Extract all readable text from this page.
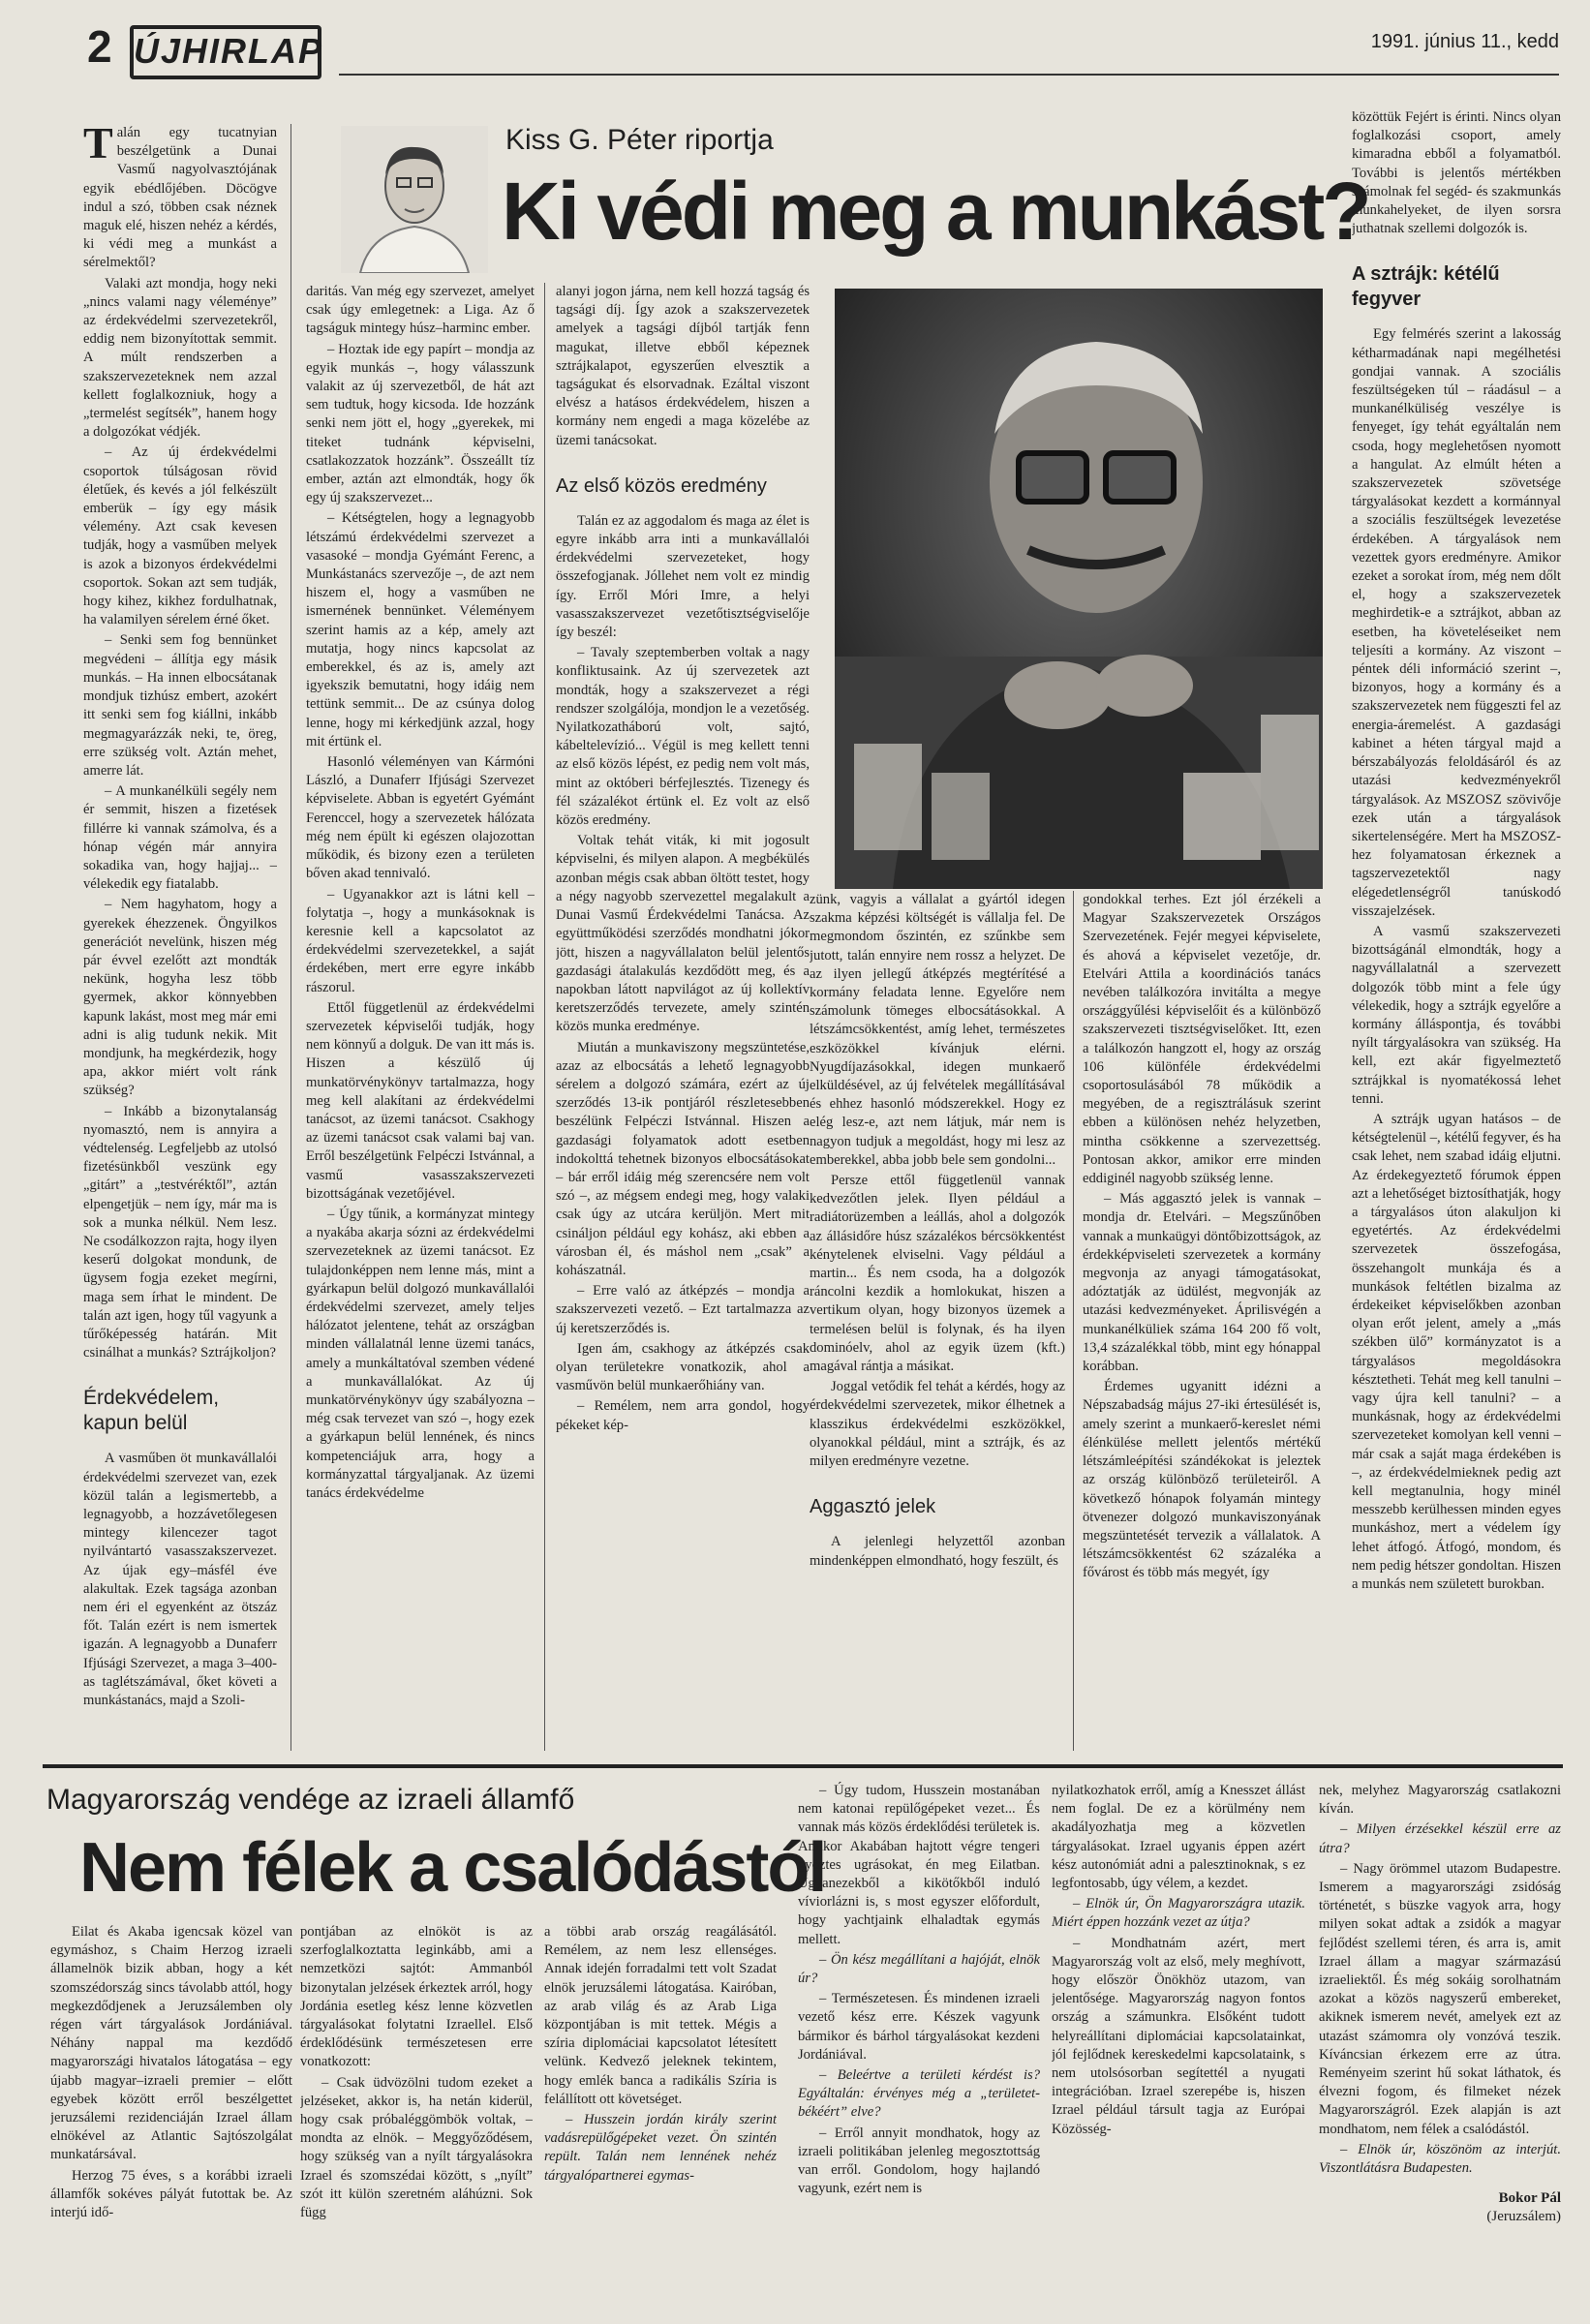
2 ÚJHIRLAP	1991. június 11., kedd
Kiss G. Péter riportja
Ki védi meg a munkást?

Talán egy tucatnyian beszélgetünk a Dunai Vasmű nagyolvasztójának egyik ebédlőjében. Döcögve indul a szó, többen csak néznek maguk elé, hiszen nehéz a kérdés, ki védi meg a munkást a sérelmektől?

Valaki azt mondja, hogy neki „nincs valami nagy véleménye” az érdekvédelmi szervezetekről, eddig nem bizonyítottak semmit. A múlt rendszerben a szakszervezeteknek nem azzal kellett foglalkozniuk, hogy a „termelést segítsék”, hanem hogy a dolgozókat védjék.

– Az új érdekvédelmi csoportok túlságosan rövid életűek, és kevés a jól felkészült emberük – így egy másik vélemény. Azt csak kevesen tudják, hogy a vasműben melyek is azok a bizonyos érdekvédelmi csoportok. Sokan azt sem tudják, hogy kihez, kikhez fordulhatnak, ha valamilyen sérelem érné őket.

– Senki sem fog bennünket megvédeni – állítja egy másik munkás. – Ha innen elbocsátanak mondjuk tizhúsz embert, azokért itt senki sem fog kiállni, inkább megmagyarázzák neki, te, öreg, erre szükség volt. Aztán mehet, amerre lát.

– A munkanélküli segély nem ér semmit, hiszen a fizetések fillérre ki vannak számolva, és a hónap végén már annyira sokadika van, hogy hajjaj... – vélekedik egy fiatalabb.

– Nem hagyhatom, hogy a gyerekek éhezzenek. Öngyilkos generációt nevelünk, hiszen még pár évvel ezelőtt azt mondták nekünk, hogyha lesz több gyermek, akkor könnyebben kapunk lakást, most meg már emi adni is alig tudunk nekik. Mit mondjunk, ha megkérdezik, hogy apa, akkor miért volt ránk szükség?

– Inkább a bizonytalanság nyomasztó, nem is annyira a védtelenség. Legfeljebb az utolsó fizetésünkből veszünk egy „gitárt” a „testvéréktől”, aztán elpengetjük – nem így, már ma is sok a munka nélkül. Nem lesz. Ne csodálkozzon rajta, hogy ilyen keserű dolgokat mondunk, de ügysem fogja ezeket megírni, maga sem írhat le mindent. De talán azt igen, hogy tűl vagyunk a tűrőképesség határán. Mit csinálhat a munkás? Sztrájkoljon?

Érdekvédelem, kapun belül

A vasműben öt munkavállalói érdekvédelmi szervezet van, ezek közül talán a legismertebb, a legnagyobb, a hozzávetőlegesen mintegy kilencezer tagot nyilvántartó vasasszakszervezet. Az újak egy–másfél éve alakultak. Ezek tagsága azonban nem éri el egyenként az ötszáz főt. Talán ezért is nem ismertek igazán. A legnagyobb a Dunaferr Ifjúsági Szervezet, a maga 3–400-as taglétszámával, őket követi a munkástanács, majd a Szoli-

daritás. Van még egy szervezet, amelyet csak úgy emlegetnek: a Liga. Az ő tagságuk mintegy húsz–harminc ember.

– Hoztak ide egy papírt – mondja az egyik munkás –, hogy válasszunk valakit az új szervezetből, de hát azt sem tudtuk, hogy kicsoda. Ide hozzánk senki nem jött el, hogy „gyerekek, mi titeket tudnánk képviselni, csatlakozzatok hozzánk”. Összeállt tíz ember, aztán azt elmondták, hogy ők egy új szakszervezet...

– Kétségtelen, hogy a legnagyobb létszámú érdekvédelmi szervezet a vasasoké – mondja Gyémánt Ferenc, a Munkástanács szervezője –, de azt nem hiszem el, hogy a vasműben ne ismernének bennünket. Véleményem szerint hamis az a kép, amely azt mutatja, hogy nincs kapcsolat az emberekkel, és az is, amely azt igyekszik bemutatni, hogy idáig nem tettünk semmit... De az csúnya dolog lenne, hogy mi kérkedjünk azzal, hogy mit értünk el.

Hasonló véleményen van Kármóni László, a Dunaferr Ifjúsági Szervezet képviselete. Abban is egyetért Gyémánt Ferenccel, hogy a szervezetek hálózata még nem épült ki egészen olajozottan működik, és bizony ezen a területen bőven akad tennivaló.

– Ugyanakkor azt is látni kell – folytatja –, hogy a munkásoknak is keresnie kell a kapcsolatot az érdekvédelmi szervezetekkel, a saját érdekében, mert erre egyre inkább rászorul.

Ettől függetlenül az érdekvédelmi szervezetek képviselői tudják, hogy nem könnyű a dolguk. De van itt más is. Hiszen a készülő új munkatörvénykönyv tartalmazza, hogy meg kell alakítani az érdekvédelmi tanácsot, az üzemi tanácsot. Csakhogy az üzemi tanácsot csak valami baj van. Erről beszélgetünk Felpéczi Istvánnal, a vasmű vasasszakszervezeti bizottságának vezetőjével.

– Úgy tűnik, a kormányzat mintegy a nyakába akarja sózni az érdekvédelmi szervezeteknek az üzemi tanácsot. Ez tulajdonképpen nem lenne más, mint a gyárkapun belül dolgozó munkavállalói érdekvédelmi szervezet, amely teljes hálózatot jelentene, tehát az országban minden vállalatnál lenne üzemi tanács, amely a munkáltatóval szemben védené a munkavállalókat. Az új munkatörvénykönyv úgy szabályozna – még csak tervezet van szó –, hogy ezek a gyárkapun belül lennének, és nincs kompetenciájuk arra, hogy a kormányzattal tárgyaljanak. Az üzemi tanács érdekvédelme

alanyi jogon járna, nem kell hozzá tagság és tagsági díj. Így azok a szakszervezetek amelyek a tagsági díjból tartják fenn magukat, illetve ebből képeznek sztrájkalapot, egyszerűen elvesztik a tagságukat és elsorvadnak. Ezáltal viszont elvész a hatásos érdekvédelem, hiszen a kormány nem engedi a maga közelébe az üzemi tanácsokat.

Az első közös eredmény

Talán ez az aggodalom és maga az élet is egyre inkább arra inti a munkavállalói érdekvédelmi szervezeteket, hogy összefogjanak. Jóllehet nem volt ez mindig így. Erről Móri Imre, a helyi vasasszakszervezet vezetőtisztségviselője így beszél:

– Tavaly szeptemberben voltak a nagy konfliktusaink. Az új szervezetek azt mondták, hogy a szakszervezet a régi rendszer szolgálója, mondjon le a vezetőség. Nyilatkozatháború volt, sajtó, kábeltelevízió... Végül is meg kellett tenni az első közös lépést, ez pedig nem volt más, mint az októberi bérfejlesztés. Tizenegy és fél százalékot értünk el. Ez volt az első közös eredmény.

Voltak tehát viták, ki mit jogosult képviselni, és milyen alapon. A megbékülés azonban mégis csak abban öltött testet, hogy a négy nagyobb szervezettel megalakult a Dunai Vasmű Érdekvédelmi Tanácsa. Az együttműködési szerződés mondhatni jókor jött, hiszen a nagyvállalaton belül jelentős gazdasági átalakulás kezdődött meg, és a napokban látott napvilágot az új kollektív keretszerződés tervezete, amely szintén közös munka eredménye.

Miután a munkaviszony megszüntetése, azaz az elbocsátás a lehető legnagyobb sérelem a dolgozó számára, ezért az új szerződés 13-ik pontjáról részletesebben beszélünk Felpéczi Istvánnal. Hiszen a gazdasági folyamatok adott esetben indokolttá tehetnek bizonyos elbocsátásokat – bár erről idáig még szerencsére nem volt szó –, az mégsem endegi meg, hogy valaki csak úgy az utcára kerüljön. Mert mit csináljon például egy kohász, aki ebben a városban él, és máshol nem „csak” a kohászatnál.

– Erre való az átképzés – mondja a szakszervezeti vezető. – Ezt tartalmazza az új keretszerződés is.

Igen ám, csakhogy az átképzés csak olyan területekre vonatkozik, ahol a vasművön belül munkaerőhiány van.

– Remélem, nem arra gondol, hogy pékeket kép-

zünk, vagyis a vállalat a gyártól idegen szakma képzési költségét is vállalja fel. De megmondom őszintén, ez szűnkbe sem jutott, talán ennyire nem rossz a helyzet. De az ilyen jellegű átképzés megtérítésé a kormány feladata lenne. Egyelőre nem számolunk tömeges elbocsátásokkal. A létszámcsökkentést, amíg lehet, természetes eszközökkel kívánjuk elérni. Nyugdíjazásokkal, idegen munkaerő elküldésével, az új felvételek megállításával és ehhez hasonló módszerekkel. Hogy ez elég lesz-e, azt nem látjuk, már nem is nagyon tudjuk a megoldást, hogy mi lesz az emberekkel, abba jobb bele sem gondolni...

Persze ettől függetlenül vannak kedvezőtlen jelek. Ilyen például a radiátorüzemben a leállás, ahol a dolgozók az állásidőre húsz százalékos bércsökkentést kénytelenek elviselni. Vagy például a martin... És nem csoda, ha a dolgozók ráncolni kezdik a homlokukat, hiszen a vertikum olyan, hogy bizonyos üzemek a termelésen belül is folynak, és ha ilyen dominóelv, ahol az egyik üzem (kft.) magával rántja a másikat.

Joggal vetődik fel tehát a kérdés, hogy az érdekvédelmi szervezetek, mikor élhetnek a klasszikus érdekvédelmi eszközökkel, olyanokkal például, mint a sztrájk, és az milyen eredményre vezetne.

Aggasztó jelek

A jelenlegi helyzettől azonban mindenképpen elmondható, hogy feszült, és

gondokkal terhes. Ezt jól érzékeli a Magyar Szakszervezetek Országos Szervezetének. Fejér megyei képviselete, és ahová a képviselet vezetője, dr. Etelvári Attila a koordinációs tanács nevében találkozóra invitálta a megye országgyűlési képviselőit és a különböző szakszervezeti tisztségviselőket. Itt, ezen a találkozón hangzott el, hogy az ország 106 különféle érdekvédelmi csoportosulásából 78 működik a megyében, de a regisztrálásuk szerint ebben a különösen nehéz helyzetben, mintha csökkenne a szervezettség. Pontosan akkor, amikor erre minden eddiginél nagyobb szükség lenne.

– Más aggasztó jelek is vannak – mondja dr. Etelvári. – Megszűnőben vannak a munkaügyi döntőbizottságok, az érdekképviseleti szervezetek a kormány megvonja az anyagi támogatásokat, adóztatják az üdülést, megvonják az utazási kedvezményeket. Áprilisvégén a munkanélküliek száma 164 200 fő volt, 13,4 százalékkal több, mint egy hónappal korábban.

Érdemes ugyanitt idézni a Népszabadság május 27-iki értesülését is, amely szerint a munkaerő-kereslet némi élénkülése mellett jelentős mértékű létszámleépítési szándékokat is jeleztek az ország különböző területeiről. A következő hónapok folyamán mintegy ötvenezer dolgozó munkaviszonyának megszüntetését tervezik a vállalatok. A létszámcsökkentést 62 százaléka a fővárost és több más megyét, így

közöttük Fejért is érinti. Nincs olyan foglalkozási csoport, amely kimaradna ebből a folyamatból. További is jelentős mértékben számolnak fel segéd- és szakmunkás munkahelyeket, de ilyen sorsra juthatnak szellemi dolgozók is.

A sztrájk: kétélű fegyver

Egy felmérés szerint a lakosság kétharmadának napi megélhetési gondjai vannak. A szociális feszültségeken túl – ráadásul – a munkanélküliség veszélye is fenyeget, így tehát egyáltalán nem csoda, hogy meglehetősen nyomott a hangulat. Az elmúlt héten a szakszervezetek szövetsége tárgyalásokat kezdett a kormánnyal a szociális feszültségek levezetése érdekében. A tárgyalások nem vezettek gyors eredményre. Amikor ezeket a sorokat írom, még nem dőlt el, hogy a szakszervezetek meghirdetik-e a sztrájkot, abban az esetben, ha követeléseiket nem teljesíti a kormány. Az viszont – péntek déli információ szerint –, bizonyos, hogy a kormány és a szakszervezetek nem függeszti fel az energia-áremelést. A gazdasági kabinet a héten tárgyal majd a bérszabályozás feloldásáról és az utazási kedvezményekről tárgyalások. Az MSZOSZ szövivője ezek után a tárgyalások sikertelenségére. Mert ha MSZOSZ-hez folyamatosan érkeznek a tagszervezetektől nagy elégedetlenségről tanúskodó visszajelzések.

A vasmű szakszervezeti bizottságánál elmondták, hogy a nagyvállalatnál a szervezett dolgozók több mint a fele úgy vélekedik, hogy a sztrájk egyelőre a kormány álláspontja, és további nyílt tárgyalásokra van szükség. Ha kell, ezt akár figyelmeztető sztrájkkal is nyomatékossá lehet tenni.

A sztrájk ugyan hatásos – de kétségtelenül –, kétélű fegyver, és ha csak lehet, nem szabad idáig eljutni. Az érdekegyeztető fórumok éppen azt a lehetőséget biztosíthatják, hogy a tárgyalásos úton alakuljon ki egyetértés. Az érdekvédelmi szervezetek összefogása, összehangolt munkája és a munkások feltétlen bizalma az érdekeiket képviselőkben azonban olyan erőt jelent, amely a „más székben ülő” kormányzatot is a tárgyalásos megoldásokra késztetheti. Tehát meg kell tanulni – vagy újra kell tanulni? – a munkásnak, hogy az érdekvédelmi szervezeteket komolyan kell venni – már csak a saját maga érdekében is –, az érdekvédelmieknek pedig azt kell megtanulnia, hogy minél messzebb kerülhessen minden egyes munkáshoz, mert a védelem így lehet átfogó. Átfogó, mondom, és nem pedig hétszer gondoltan. Hiszen a munkás nem született burokban.

Magyarország vendége az izraeli államfő
Nem félek a csalódástól

Eilat és Akaba igencsak közel van egymáshoz, s Chaim Herzog izraeli államelnök bizik abban, hogy a két szomszédország sincs távolabb attól, hogy megkezdődjenek a Jeruzsálemben oly régen várt tárgyalások Jordániával. Néhány nappal ma kezdődő magyarországi hivatalos látogatása – egy újabb magyar–izraeli premier – előtt egyebek között erről beszélgettet jeruzsálemi rezidenciáján Izrael állam elnökével az Atlantic Sajtószolgálat munkatársával.

Herzog 75 éves, s a korábbi izraeli államfők sokéves pályát futottak be. Az interjú idő-

pontjában az elnököt is az szerfoglalkoztatta leginkább, ami a nemzetközi sajtót: Ammanból bizonytalan jelzések érkeztek arról, hogy Jordánia esetleg kész lenne közvetlen tárgyalásokat folytatni Izraellel. Első érdeklődésünk természetesen erre vonatkozott:

– Csak üdvözölni tudom ezeket a jelzéseket, akkor is, ha netán kiderül, hogy csak próbaléggömbök voltak, – mondta az elnök. – Meggyőződésem, hogy szükség van a nyílt tárgyalásokra Izrael és szomszédai között, s „nyílt” szót itt külön szeretném aláhúzni. Sok függ

a többi arab ország reagálásától. Remélem, az nem lesz ellenséges. Annak idején forradalmi tett volt Szadat elnök jeruzsálemi látogatása. Kairóban, az arab világ és az Arab Liga központjában is mit tettek. Mégis a szíria diplomáciai kapcsolatot létesített velünk. Kedvező jeleknek tekintem, hogy emlék banca a radikális Szíria is felállított ott követséget.

– Husszein jordán király szerint vadásrepülőgépeket vezet. Ön szintén repült. Talán nem lennének nehéz tárgyalópartnerei egymas-

– Úgy tudom, Husszein mostanában nem katonai repülőgépeket vezet... És vannak más közös érdeklődési területek is. Amikor Akabában hajtott végre tengeri győztes ugrásokat, én meg Eilatban. Ugyanezekből a kikötőkből induló víviorlázni is, s most egyszer előfordult, hogy yachtjaink elhaladtak egymás mellett.

– Ön kész megállítani a hajóját, elnök úr?

– Természetesen. És mindenen izraeli vezető kész erre. Készek vagyunk bármikor és bárhol tárgyalásokat kezdeni Jordániával.

– Beleértve a területi kérdést is? Egyáltalán: érvényes még a „területet-békéért” elve?

– Erről annyit mondhatok, hogy az izraeli politikában jelenleg megosztottság van erről. Gondolom, hogy hajlandó vagyunk, ezért nem is

nyilatkozhatok erről, amíg a Knesszet állást nem foglal. De ez a körülmény nem akadályozhatja meg a közvetlen tárgyalásokat. Izrael ugyanis éppen azért kész autonómiát adni a palesztinoknak, s ez legfontosabb, úgy vélem, a kezdet.

– Elnök úr, Ön Magyarországra utazik. Miért éppen hozzánk vezet az útja?

– Mondhatnám azért, mert Magyarország volt az első, mely meghívott, hogy először Önökhöz utazom, van jelentősége. Magyarország nagyon fontos ország a számunkra. Elsőként tudott helyreállítani diplomáciai kapcsolatainkat, jól fejlődnek kereskedelmi kapcsolataink, s nem utolsósorban segítettél a nyugati integrációban. Izrael szerepébe is, hiszen Izrael például társult tagja az Európai Közösség-

nek, melyhez Magyarország csatlakozni kíván.

– Milyen érzésekkel készül erre az útra?

– Nagy örömmel utazom Budapestre. Ismerem a magyarországi zsidóság történetét, s büszke vagyok arra, hogy milyen sokat adtak a zsidók a magyar fejlődést szellemi téren, és arra is, amit Izrael állam a magyar származású izraeliektől. És még sokáig sorolhatnám azokat a közös nagyszerű embereket, akiknek ismerem nevét, amelyek ezt az utazást számomra oly vonzóvá teszik. Kíváncsian érkezem erre az útra. Reményeim szerint hű sokat láthatok, és élvezni fogom, és filmeket nézek Magyarországról. Ezek alapján is azt mondhatom, nem félek a csalódástól.

– Elnök úr, köszönöm az interjút. Viszontlátásra Budapesten.

Bokor Pál
(Jeruzsálem)
